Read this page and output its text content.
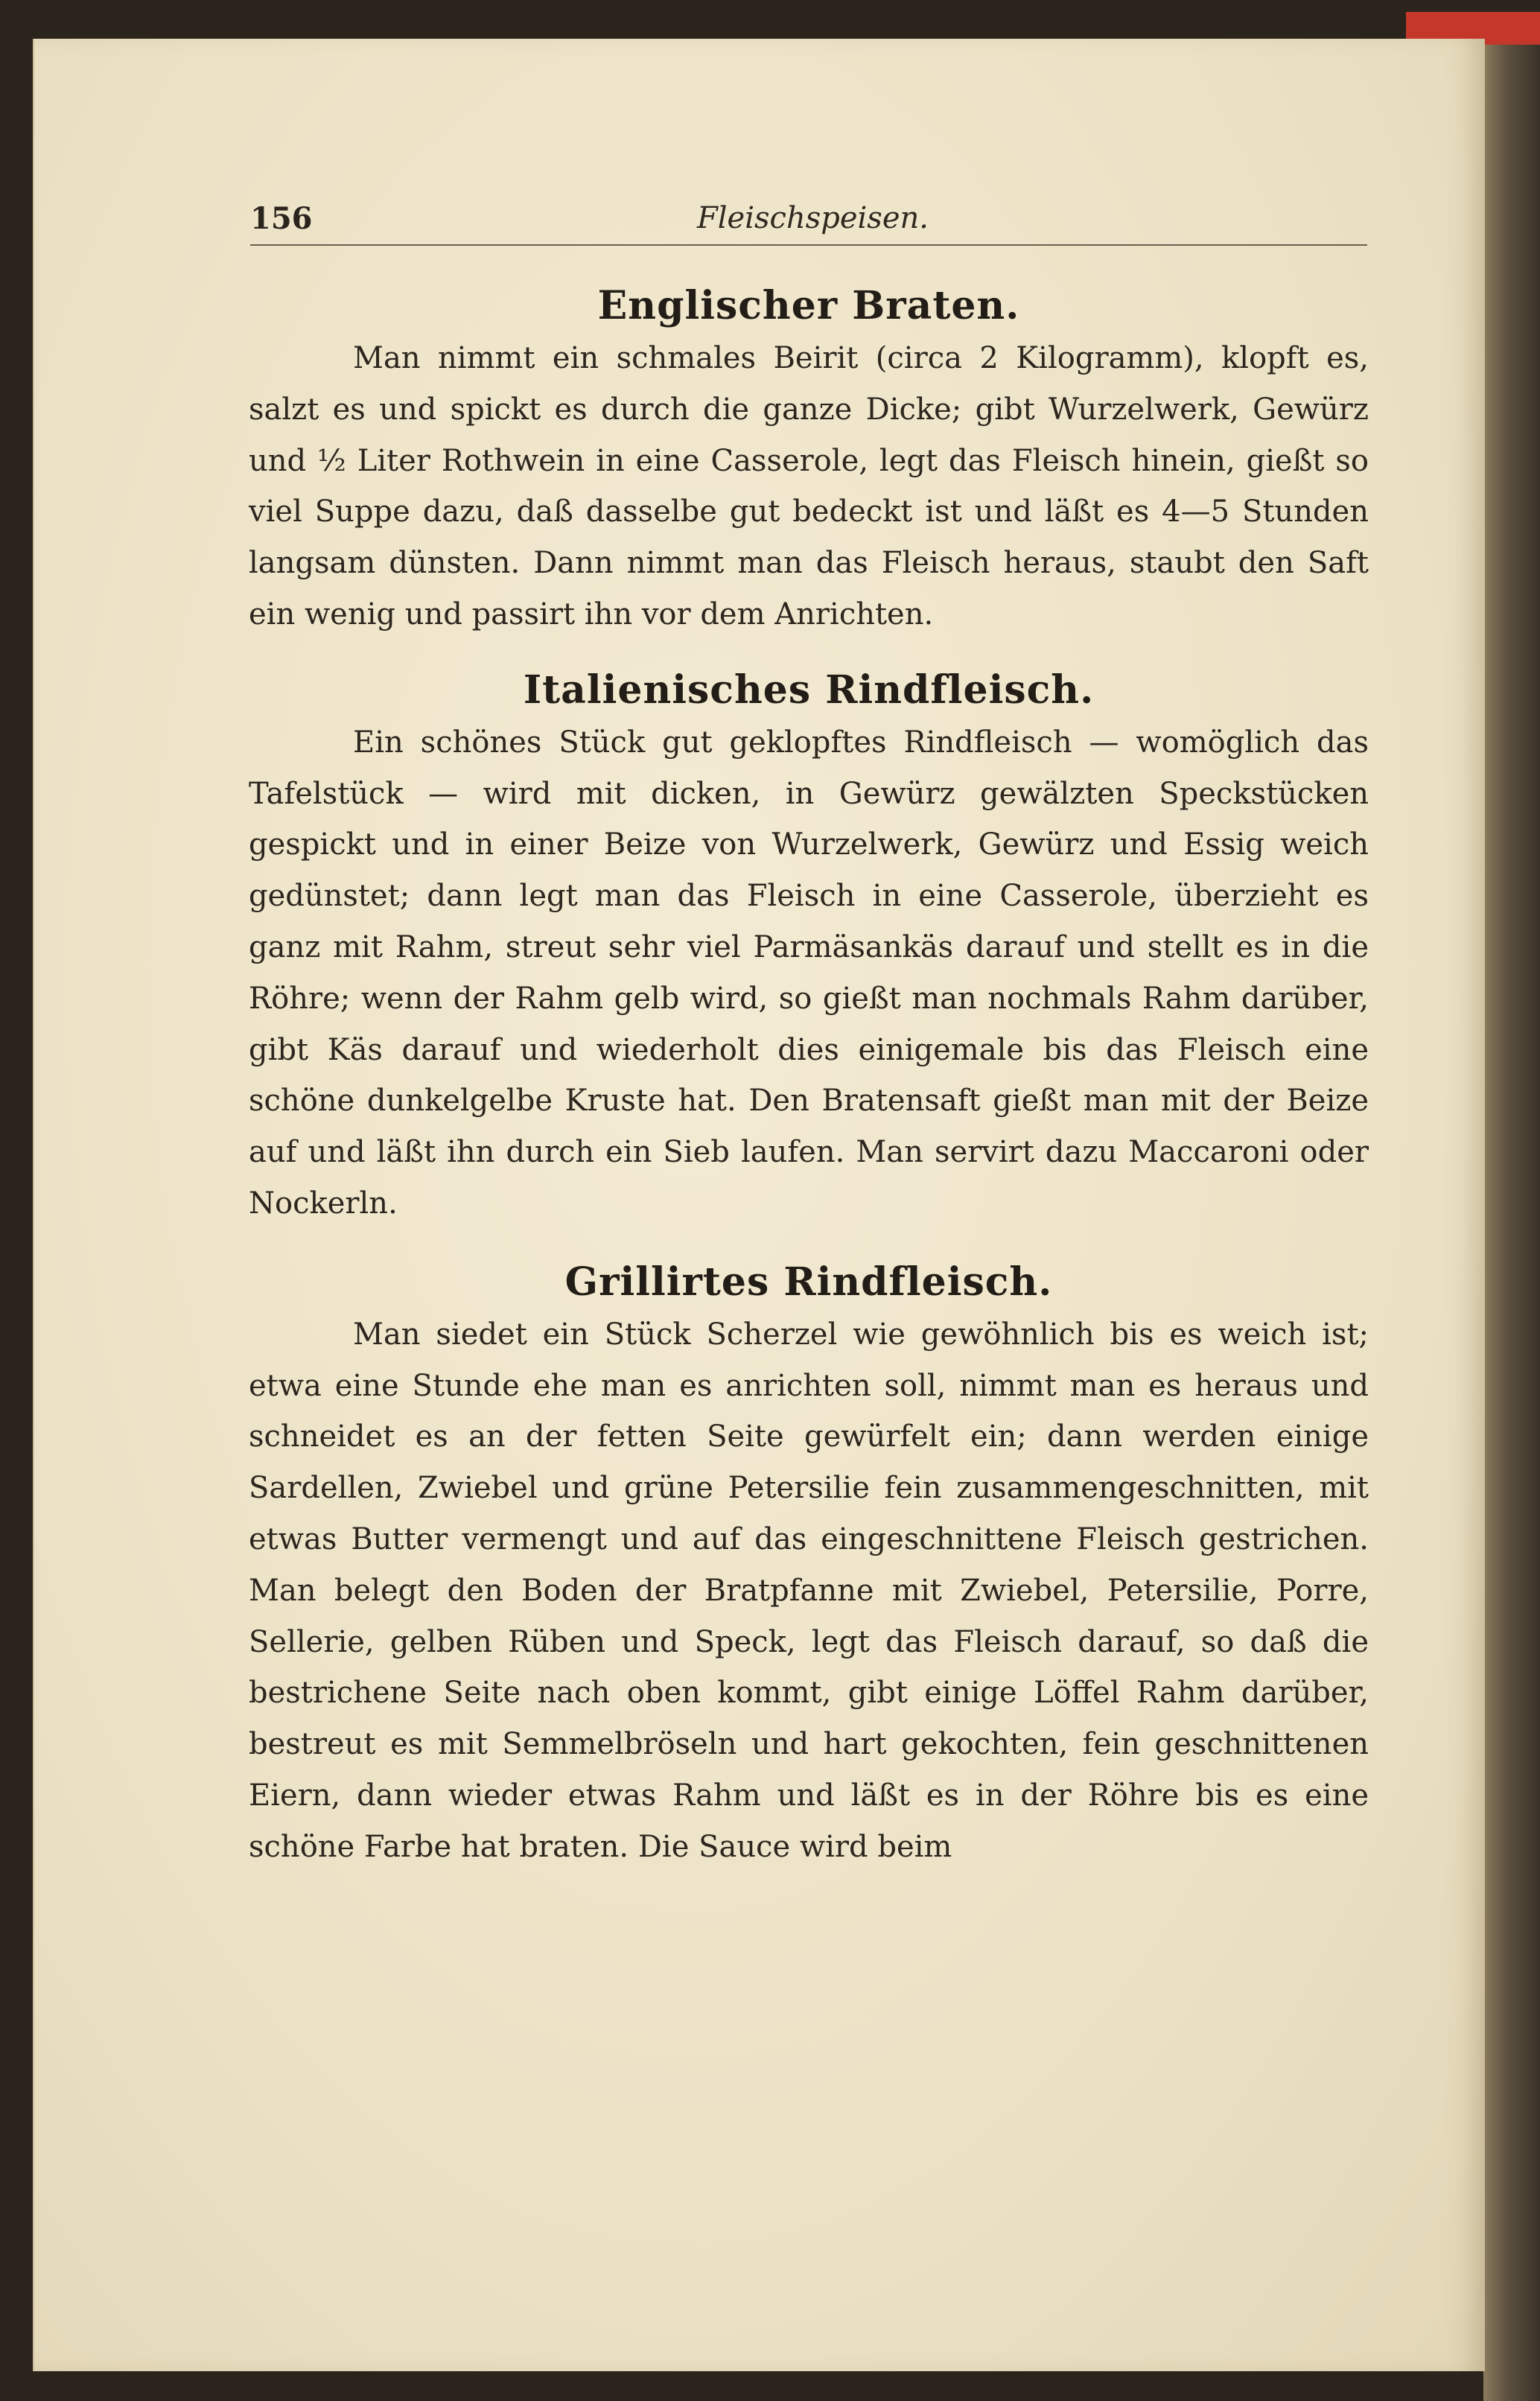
156	Fleischspeisen.
Englischer Braten.

Man nimmt ein schmales Beirit (circa 2 Kilogramm), klopft es, salzt es und spickt es durch die ganze Dicke; gibt Wurzelwerk, Gewürz und ½ Liter Rothwein in eine Casserole, legt das Fleisch hinein, gießt so viel Suppe dazu, daß dasselbe gut bedeckt ist und läßt es 4—5 Stunden langsam dünsten. Dann nimmt man das Fleisch heraus, staubt den Saft ein wenig und passirt ihn vor dem Anrichten.

Italienisches Rindfleisch.

Ein schönes Stück gut geklopftes Rindfleisch — womöglich das Tafelstück — wird mit dicken, in Gewürz gewälzten Speckstücken gespickt und in einer Beize von Wurzelwerk, Gewürz und Essig weich gedünstet; dann legt man das Fleisch in eine Casserole, überzieht es ganz mit Rahm, streut sehr viel Parmäsankäs darauf und stellt es in die Röhre; wenn der Rahm gelb wird, so gießt man nochmals Rahm darüber, gibt Käs darauf und wiederholt dies einigemale bis das Fleisch eine schöne dunkelgelbe Kruste hat. Den Bratensaft gießt man mit der Beize auf und läßt ihn durch ein Sieb laufen. Man servirt dazu Maccaroni oder Nockerln.

Grillirtes Rindfleisch.

Man siedet ein Stück Scherzel wie gewöhnlich bis es weich ist; etwa eine Stunde ehe man es anrichten soll, nimmt man es heraus und schneidet es an der fetten Seite gewürfelt ein; dann werden einige Sardellen, Zwiebel und grüne Petersilie fein zusammengeschnitten, mit etwas Butter vermengt und auf das eingeschnittene Fleisch gestrichen. Man belegt den Boden der Bratpfanne mit Zwiebel, Petersilie, Porre, Sellerie, gelben Rüben und Speck, legt das Fleisch darauf, so daß die bestrichene Seite nach oben kommt, gibt einige Löffel Rahm darüber, bestreut es mit Semmelbröseln und hart gekochten, fein geschnittenen Eiern, dann wieder etwas Rahm und läßt es in der Röhre bis es eine schöne Farbe hat braten. Die Sauce wird beim
